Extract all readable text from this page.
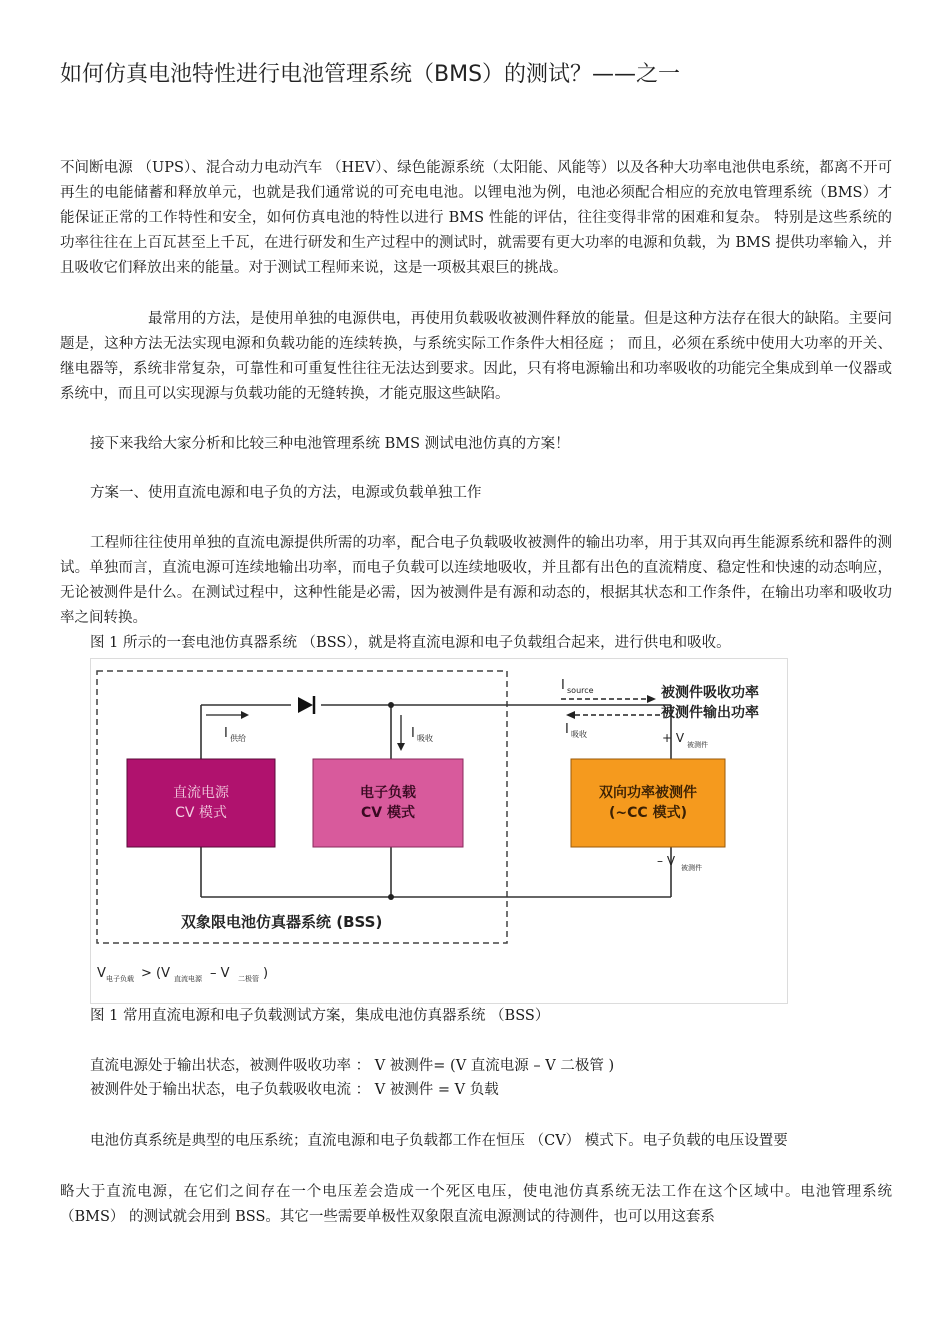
如何仿真电池特性进行电池管理系统（BMS）的测试？——之一
不间断电源 （UPS）、混合动力电动汽车 （HEV）、绿色能源系统（太阳能、风能等）以及各种大功率电池供电系统，都离不开可再生的电能储蓄和释放单元，也就是我们通常说的可充电电池。以锂电池为例，电池必须配合相应的充放电管理系统（BMS）才能保证正常的工作特性和安全，如何仿真电池的特性以进行 BMS 性能的评估，往往变得非常的困难和复杂。 特别是这些系统的功率往往在上百瓦甚至上千瓦，在进行研发和生产过程中的测试时，就需要有更大功率的电源和负载，为 BMS 提供功率输入，并且吸收它们释放出来的能量。对于测试工程师来说，这是一项极其艰巨的挑战。
最常用的方法，是使用单独的电源供电，再使用负载吸收被测件释放的能量。但是这种方法存在很大的缺陷。主要问题是，这种方法无法实现电源和负载功能的连续转换，与系统实际工作条件大相径庭 ； 而且，必须在系统中使用大功率的开关、继电器等，系统非常复杂，可靠性和可重复性往往无法达到要求。因此，只有将电源输出和功率吸收的功能完全集成到单一仪器或系统中，而且可以实现源与负载功能的无缝转换，才能克服这些缺陷。
接下来我给大家分析和比较三种电池管理系统 BMS 测试电池仿真的方案！
方案一、使用直流电源和电子负的方法，电源或负载单独工作
工程师往往使用单独的直流电源提供所需的功率，配合电子负载吸收被测件的输出功率，用于其双向再生能源系统和器件的测试。单独而言，直流电源可连续地输出功率，而电子负载可以连续地吸收，并且都有出色的直流精度、稳定性和快速的动态响应，无论被测件是什么。在测试过程中，这种性能是必需，因为被测件是有源和动态的，根据其状态和工作条件，在输出功率和吸收功率之间转换。
图 1 所示的一套电池仿真器系统 （BSS），就是将直流电源和电子负载组合起来，进行供电和吸收。
I 供给	I 吸收
I source
I 吸收
被测件吸收功率
被测件输出功率
+ V 被测件
直流电源
CV 模式
电子负载
CV 模式
双向功率被测件
(~CC 模式)
– V 被测件
双象限电池仿真器系统 (BSS)
V 电子负载 > (V 直流电源 – V 二极管 )
图 1 常用直流电源和电子负载测试方案，集成电池仿真器系统 （BSS）
直流电源处于输出状态，被测件吸收功率 ： V 被测件= (V 直流电源 – V 二极管 )
被测件处于输出状态，电子负载吸收电流 ： V 被测件 = V 负载
电池仿真系统是典型的电压系统；直流电源和电子负载都工作在恒压 （CV） 模式下。电子负载的电压设置要
略大于直流电源，在它们之间存在一个电压差会造成一个死区电压，使电池仿真系统无法工作在这个区域中。电池管理系统 （BMS） 的测试就会用到 BSS。其它一些需要单极性双象限直流电源测试的待测件，也可以用这套系
